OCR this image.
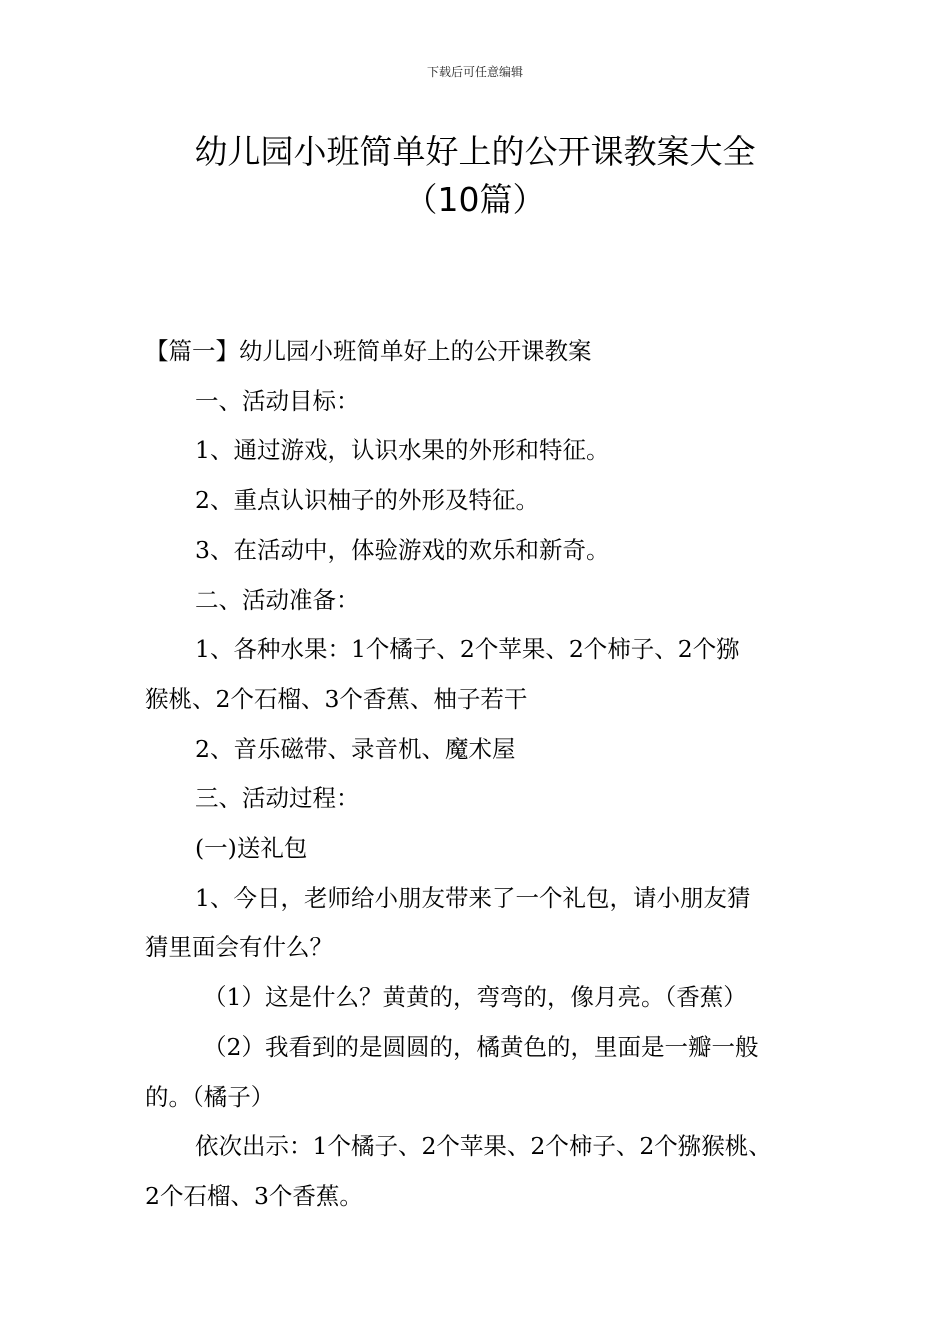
下载后可任意编辑
幼儿园小班简单好上的公开课教案大全
（10篇）

【篇一】幼儿园小班简单好上的公开课教案

一、活动目标：

1、通过游戏，认识水果的外形和特征。

2、重点认识柚子的外形及特征。

3、在活动中，体验游戏的欢乐和新奇。

二、活动准备：

1、各种水果：1个橘子、2个苹果、2个柿子、2个猕

猴桃、2个石榴、3个香蕉、柚子若干

2、音乐磁带、录音机、魔术屋

三、活动过程：

(一)送礼包

1、今日，老师给小朋友带来了一个礼包，请小朋友猜

猜里面会有什么？

（1）这是什么？黄黄的，弯弯的，像月亮。（香蕉）

（2）我看到的是圆圆的，橘黄色的，里面是一瓣一般

的。（橘子）

依次出示：1个橘子、2个苹果、2个柿子、2个猕猴桃、

2个石榴、3个香蕉。
